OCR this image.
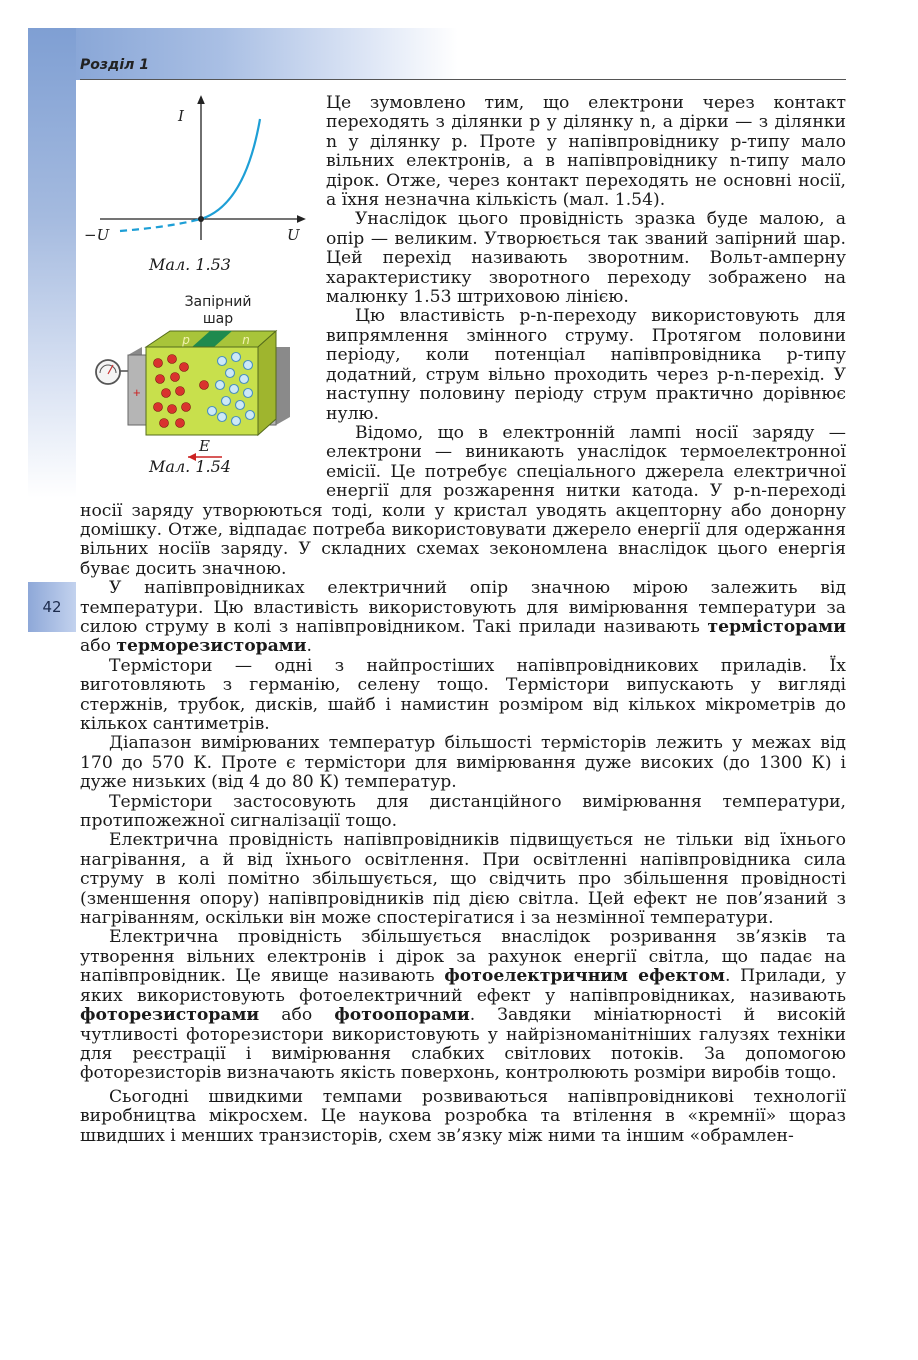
Розділ 1
42
I
−U	U
Мал. 1.53
Запірний
шар
+
p	n
E
Мал. 1.54

Це зумовлено тим, що електрони через контакт переходять з ділянки p у ділянку n, а дірки — з ділянки n у ділянку p. Проте у напівпровіднику p-типу мало вільних електронів, а в напівпровіднику n-типу мало дірок. Отже, через контакт переходять не основні носії, а їхня незначна кількість (мал. 1.54).

Унаслідок цього провідність зразка буде малою, а опір — великим. Утворюється так званий запірний шар. Цей перехід називають зворотним. Вольт-амперну характеристику зворотного переходу зображено на малюнку 1.53 штриховою лінією.

Цю властивість p-n-переходу використовують для випрямлення змінного струму. Протягом половини періоду, коли потенціал напівпровідника p-типу додатний, струм вільно проходить через p-n-перехід. У наступну половину періоду струм практично дорівнює нулю.

Відомо, що в електронній лампі носії заряду — електрони — виникають унаслідок термоелектронної емісії. Це потребує спеціального джерела електричної енергії для розжарення нитки катода. У p-n-переході носії заряду утворюються тоді, коли у кристал уводять акцепторну або донорну домішку. Отже, відпадає потреба використовувати джерело енергії для одержання вільних носіїв заряду. У складних схемах зекономлена внаслідок цього енергія буває досить значною.

У напівпровідниках електричний опір значною мірою залежить від температури. Цю властивість використовують для вимірювання температури за силою струму в колі з напівпровідником. Такі прилади називають термісторами або терморезисторами.

Термістори — одні з найпростіших напівпровідникових приладів. Їх виготовляють з германію, селену тощо. Термістори випускають у вигляді стержнів, трубок, дисків, шайб і намистин розміром від кількох мікрометрів до кількох сантиметрів.

Діапазон вимірюваних температур більшості термісторів лежить у межах від 170 до 570 К. Проте є термістори для вимірювання дуже високих (до 1300 К) і дуже низьких (від 4 до 80 К) температур.

Термістори застосовують для дистанційного вимірювання температури, протипожежної сигналізації тощо.

Електрична провідність напівпровідників підвищується не тільки від їхнього нагрівання, а й від їхнього освітлення. При освітленні напівпровідника сила струму в колі помітно збільшується, що свідчить про збільшення провідності (зменшення опору) напівпровідників під дією світла. Цей ефект не пов’язаний з нагріванням, оскільки він може спостерігатися і за незмінної температури.

Електрична провідність збільшується внаслідок розривання зв’язків та утворення вільних електронів і дірок за рахунок енергії світла, що падає на напівпровідник. Це явище називають фотоелектричним ефектом. Прилади, у яких використовують фотоелектричний ефект у напівпровідниках, називають фоторезисторами або фотоопорами. Завдяки мініатюрності й високій чутливості фоторезистори використовують у найрізноманітніших галузях техніки для реєстрації і вимірювання слабких світлових потоків. За допомогою фоторезисторів визначають якість поверхонь, контролюють розміри виробів тощо.

Сьогодні швидкими темпами розвиваються напівпровідникові технології виробництва мікросхем. Це наукова розробка та втілення в «кремнії» щораз швидших і менших транзисторів, схем зв’язку між ними та іншим «обрамлен-
